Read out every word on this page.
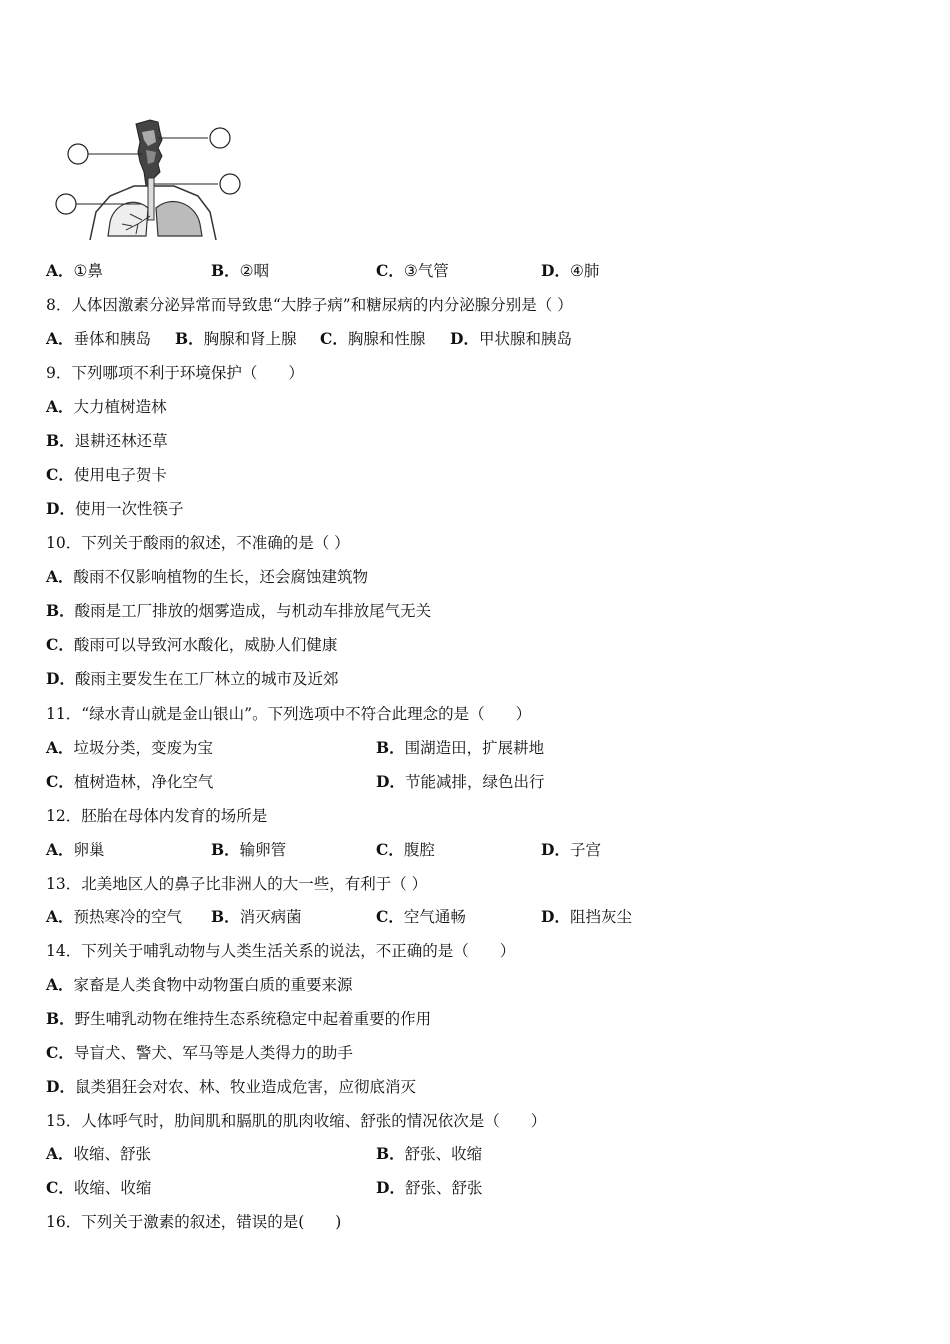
A．①鼻	B．②咽	C．③气管	D．④肺
8．人体因激素分泌异常而导致患“大脖子病”和糖尿病的内分泌腺分别是（ ）
A．垂体和胰岛 B．胸腺和肾上腺 C．胸腺和性腺 D．甲状腺和胰岛
9．下列哪项不利于环境保护（　　）
A．大力植树造林
B．退耕还林还草
C．使用电子贺卡
D．使用一次性筷子
10．下列关于酸雨的叙述，不准确的是（ ）
A．酸雨不仅影响植物的生长，还会腐蚀建筑物
B．酸雨是工厂排放的烟雾造成，与机动车排放尾气无关
C．酸雨可以导致河水酸化，威胁人们健康
D．酸雨主要发生在工厂林立的城市及近郊
11．“绿水青山就是金山银山”。下列选项中不符合此理念的是（　　）
A．垃圾分类，变废为宝	B．围湖造田，扩展耕地
C．植树造林，净化空气	D．节能减排，绿色出行
12．胚胎在母体内发育的场所是
A．卵巢	B．输卵管	C．腹腔	D．子宫
13．北美地区人的鼻子比非洲人的大一些，有利于（ ）
A．预热寒冷的空气 B．消灭病菌	C．空气通畅	D．阻挡灰尘
14．下列关于哺乳动物与人类生活关系的说法，不正确的是（　　）
A．家畜是人类食物中动物蛋白质的重要来源
B．野生哺乳动物在维持生态系统稳定中起着重要的作用
C．导盲犬、警犬、军马等是人类得力的助手
D．鼠类猖狂会对农、林、牧业造成危害，应彻底消灭
15．人体呼气时，肋间肌和膈肌的肌肉收缩、舒张的情况依次是（　　）
A．收缩、舒张	B．舒张、收缩
C．收缩、收缩	D．舒张、舒张
16．下列关于激素的叙述，错误的是(　　)
